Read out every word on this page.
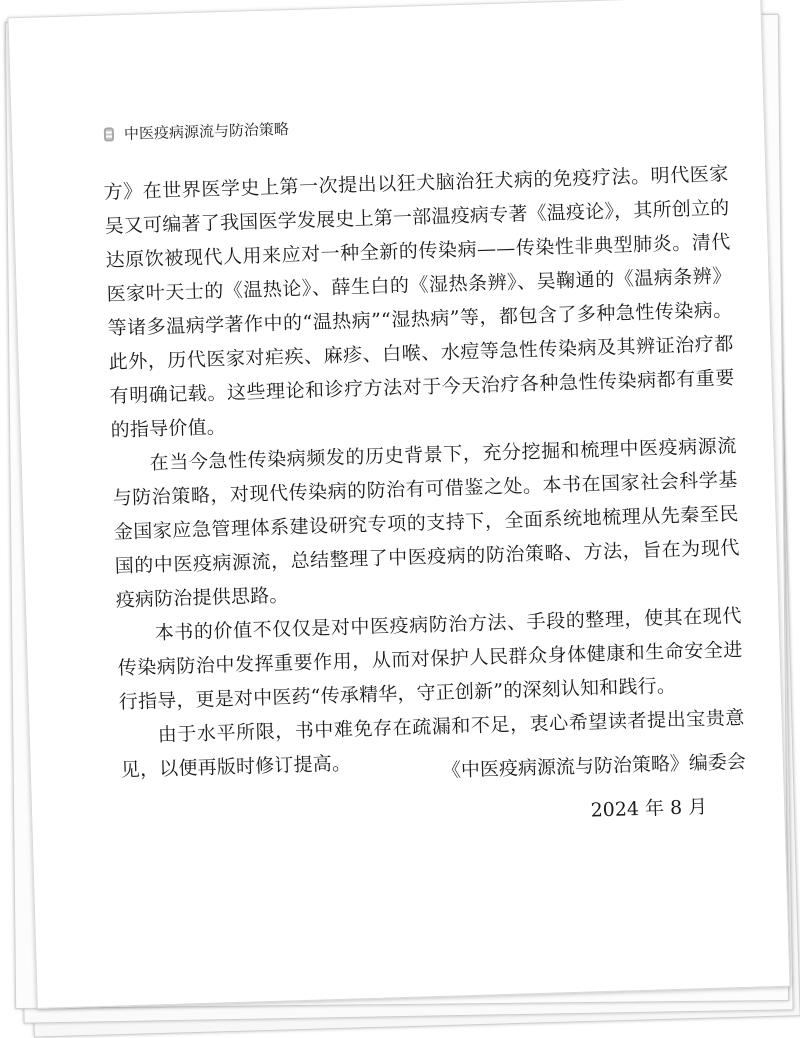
中医疫病源流与防治策略

方》在世界医学史上第一次提出以狂犬脑治狂犬病的免疫疗法。明代医家吴又可编著了我国医学发展史上第一部温疫病专著《温疫论》，其所创立的达原饮被现代人用来应对一种全新的传染病——传染性非典型肺炎。清代医家叶天士的《温热论》、薛生白的《湿热条辨》、吴鞠通的《温病条辨》等诸多温病学著作中的“温热病”“湿热病”等，都包含了多种急性传染病。此外，历代医家对疟疾、麻疹、白喉、水痘等急性传染病及其辨证治疗都有明确记载。这些理论和诊疗方法对于今天治疗各种急性传染病都有重要的指导价值。

在当今急性传染病频发的历史背景下，充分挖掘和梳理中医疫病源流与防治策略，对现代传染病的防治有可借鉴之处。本书在国家社会科学基金国家应急管理体系建设研究专项的支持下，全面系统地梳理从先秦至民国的中医疫病源流，总结整理了中医疫病的防治策略、方法，旨在为现代疫病防治提供思路。

本书的价值不仅仅是对中医疫病防治方法、手段的整理，使其在现代传染病防治中发挥重要作用，从而对保护人民群众身体健康和生命安全进行指导，更是对中医药“传承精华，守正创新”的深刻认知和践行。

由于水平所限，书中难免存在疏漏和不足，衷心希望读者提出宝贵意见，以便再版时修订提高。	《中医疫病源流与防治策略》编委会
2024 年 8 月
